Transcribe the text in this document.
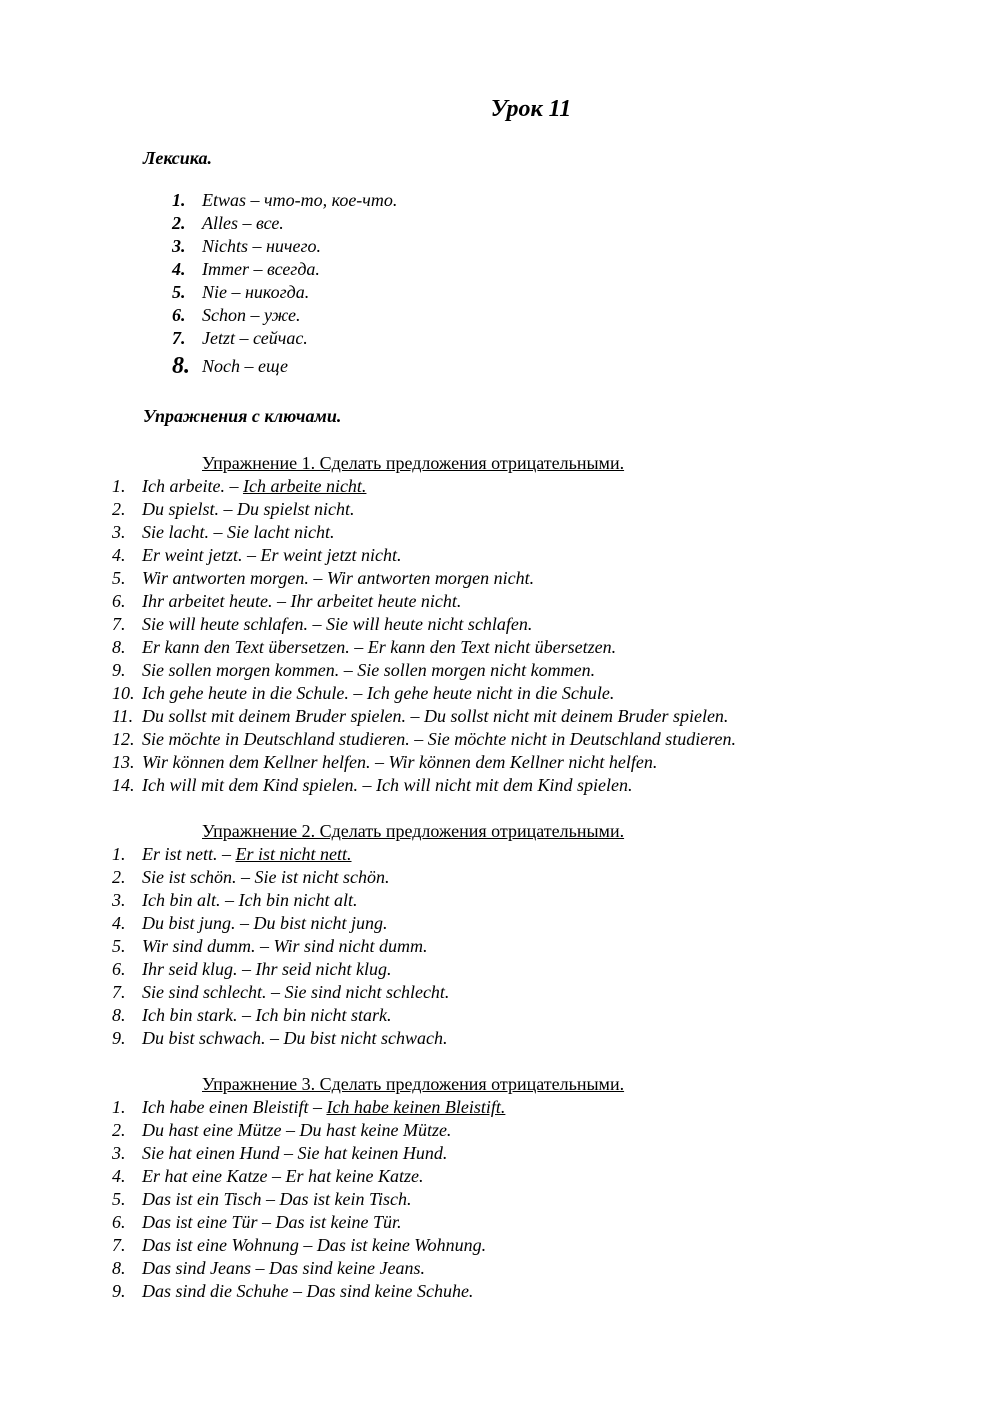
Урок 11

Лексика.

1. Etwas – что-то, кое-что.
2. Alles – все.
3. Nichts – ничего.
4. Immer – всегда.
5. Nie – никогда.
6. Schon – уже.
7. Jetzt – сейчас.
8. Noch – еще

Упражнения с ключами.

Упражнение 1. Сделать предложения отрицательными.

1. Ich arbeite. – Ich arbeite nicht.
2. Du spielst. – Du spielst nicht.
3. Sie lacht. – Sie lacht nicht.
4. Er weint jetzt. – Er weint jetzt nicht.
5. Wir antworten morgen. – Wir antworten morgen nicht.
6. Ihr arbeitet heute. – Ihr arbeitet heute nicht.
7. Sie will heute schlafen. – Sie will heute nicht schlafen.
8. Er kann den Text übersetzen. – Er kann den Text nicht übersetzen.
9. Sie sollen morgen kommen. – Sie sollen morgen nicht kommen.
10. Ich gehe heute in die Schule. – Ich gehe heute nicht in die Schule.
11. Du sollst mit deinem Bruder spielen. – Du sollst nicht mit deinem Bruder spielen.
12. Sie möchte in Deutschland studieren. – Sie möchte nicht in Deutschland studieren.
13. Wir können dem Kellner helfen. – Wir können dem Kellner nicht helfen.
14. Ich will mit dem Kind spielen. – Ich will nicht mit dem Kind spielen.

Упражнение 2. Сделать предложения отрицательными.

1. Er ist nett. – Er ist nicht nett.
2. Sie ist schön. – Sie ist nicht schön.
3. Ich bin alt. – Ich bin nicht alt.
4. Du bist jung. – Du bist nicht jung.
5. Wir sind dumm. – Wir sind nicht dumm.
6. Ihr seid klug. – Ihr seid nicht klug.
7. Sie sind schlecht. – Sie sind nicht schlecht.
8. Ich bin stark. – Ich bin nicht stark.
9. Du bist schwach. – Du bist nicht schwach.

Упражнение 3. Сделать предложения отрицательными.

1. Ich habe einen Bleistift – Ich habe keinen Bleistift.
2. Du hast eine Mütze – Du hast keine Mütze.
3. Sie hat einen Hund – Sie hat keinen Hund.
4. Er hat eine Katze – Er hat keine Katze.
5. Das ist ein Tisch – Das ist kein Tisch.
6. Das ist eine Tür – Das ist keine Tür.
7. Das ist eine Wohnung – Das ist keine Wohnung.
8. Das sind Jeans – Das sind keine Jeans.
9. Das sind die Schuhe – Das sind keine Schuhe.
